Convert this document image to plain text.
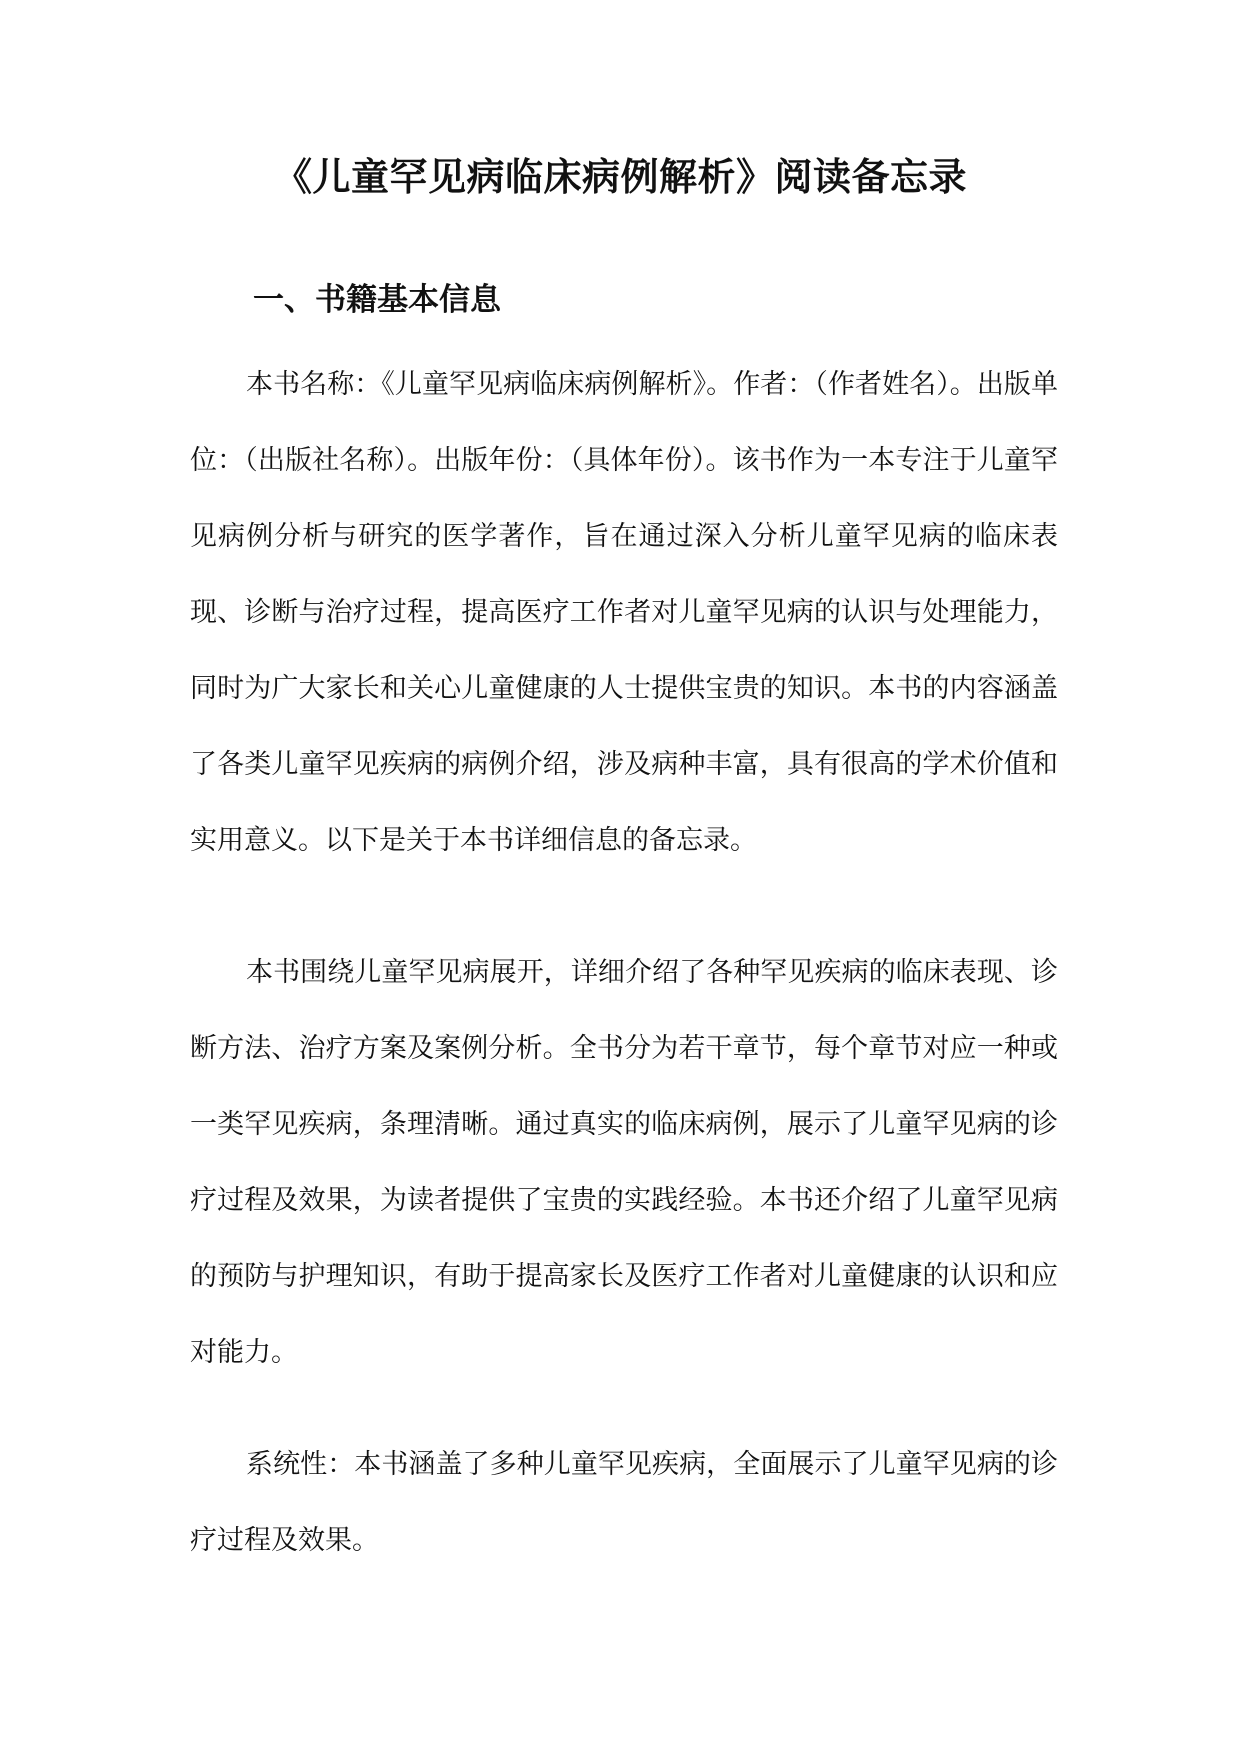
《儿童罕见病临床病例解析》阅读备忘录
一、书籍基本信息

本书名称：《儿童罕见病临床病例解析》。作者：（作者姓名）。出版单位：（出版社名称）。出版年份：（具体年份）。该书作为一本专注于儿童罕见病例分析与研究的医学著作，旨在通过深入分析儿童罕见病的临床表现、诊断与治疗过程，提高医疗工作者对儿童罕见病的认识与处理能力，同时为广大家长和关心儿童健康的人士提供宝贵的知识。本书的内容涵盖了各类儿童罕见疾病的病例介绍，涉及病种丰富，具有很高的学术价值和实用意义。以下是关于本书详细信息的备忘录。

本书围绕儿童罕见病展开，详细介绍了各种罕见疾病的临床表现、诊断方法、治疗方案及案例分析。全书分为若干章节，每个章节对应一种或一类罕见疾病，条理清晰。通过真实的临床病例，展示了儿童罕见病的诊疗过程及效果，为读者提供了宝贵的实践经验。本书还介绍了儿童罕见病的预防与护理知识，有助于提高家长及医疗工作者对儿童健康的认识和应对能力。

系统性：本书涵盖了多种儿童罕见疾病，全面展示了儿童罕见病的诊疗过程及效果。
